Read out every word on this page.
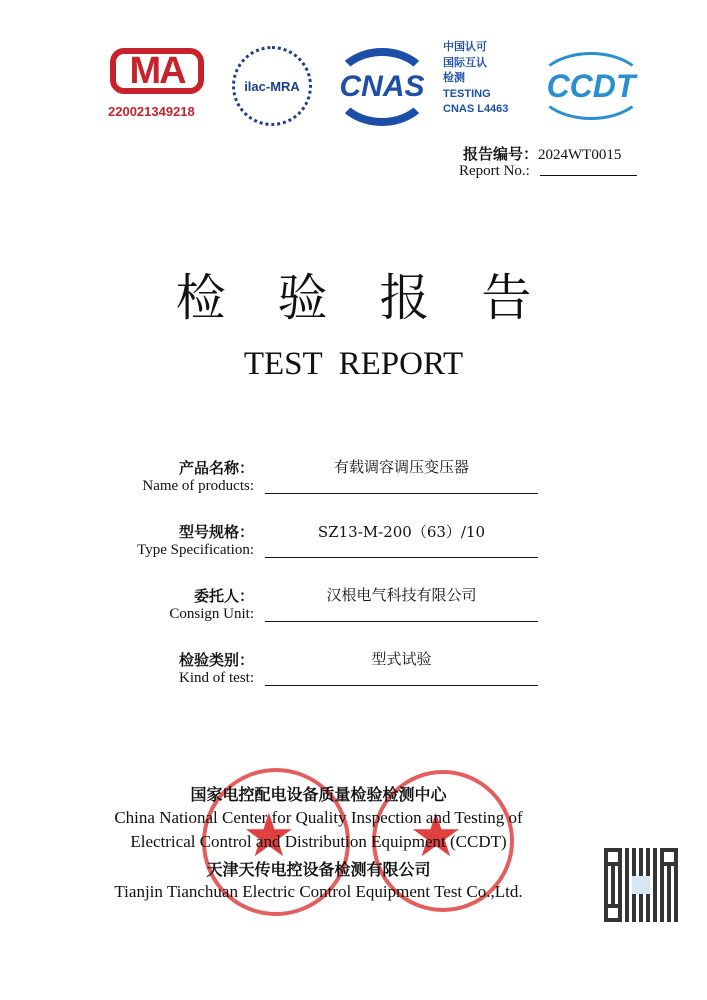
MA
220021349218
ilac-MRA CNAS
中国认可
国际互认
检测
TESTING
CNAS L4463
CCDT
报告编号：2024WT0015
Report No.:
检 验 报 告
TEST  REPORT
产品名称：
Name of products:
有载调容调压变压器
型号规格：
Type Specification:
SZ13-M-200（63）/10
委托人：
Consign Unit:
汉根电气科技有限公司
检验类别：
Kind of test:
型式试验
★ ★
国家电控配电设备质量检验检测中心
China National Center for Quality Inspection and Testing of
Electrical Control and Distribution Equipment (CCDT)
天津天传电控设备检测有限公司
Tianjin Tianchuan Electric Control Equipment Test Co.,Ltd.
